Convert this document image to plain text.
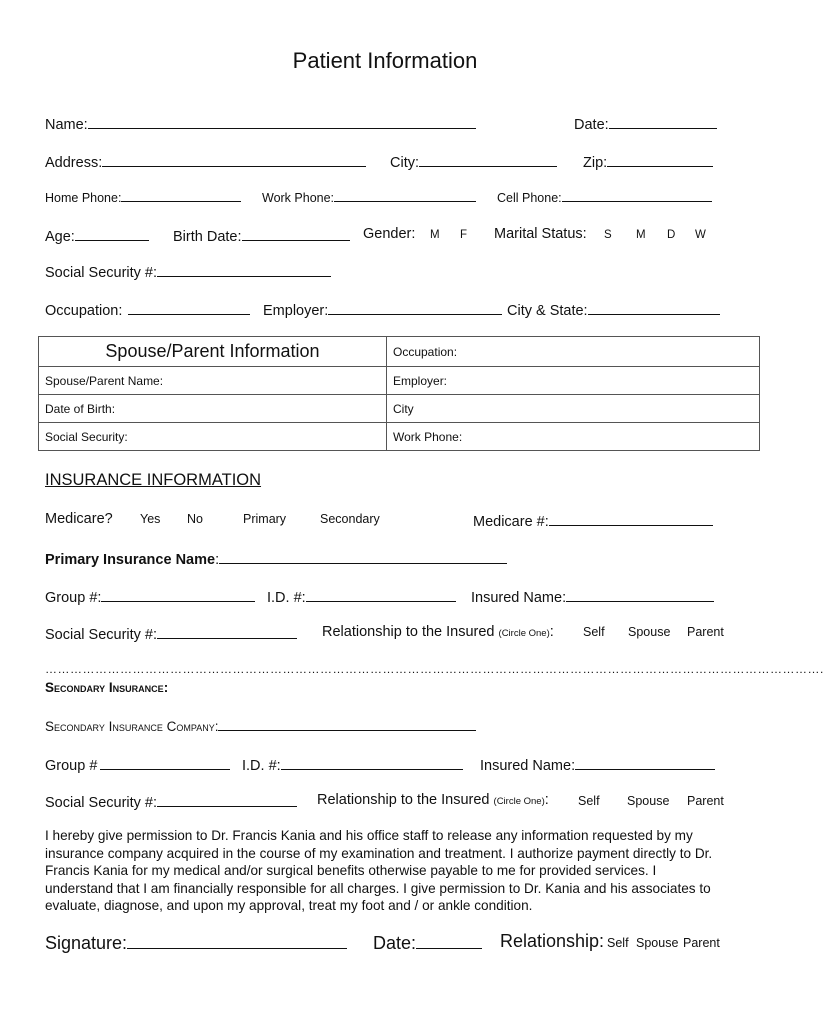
Patient Information
Name:	Date:
Address:	City:	Zip:
Home Phone:	Work Phone:	Cell Phone:
Age:	Birth Date:	Gender: M F Marital Status: S M D W
Social Security #:
Occupation:	Employer:	City & State:
Spouse/Parent Information	Occupation:
Spouse/Parent Name:	Employer:
Date of Birth:	City
Social Security:	Work Phone:
INSURANCE INFORMATION
Medicare? Yes No	Primary	Secondary	Medicare #:
Primary Insurance Name:
Group #:	I.D. #:	Insured Name:
Social Security #:	Relationship to the Insured (Circle One): Self Spouse Parent
…………………………………………………………………………………………………………………………………………………………………….
Secondary Insurance:
Secondary Insurance Company:
Group #	I.D. #:	Insured Name:
Social Security #:	Relationship to the Insured (Circle One): Self Spouse Parent
I hereby give permission to Dr. Francis Kania and his office staff to release any information requested by my insurance company acquired in the course of my examination and treatment. I authorize payment directly to Dr. Francis Kania for my medical and/or surgical benefits otherwise payable to me for provided services. I understand that I am financially responsible for all charges. I give permission to Dr. Kania and his associates to evaluate, diagnose, and upon my approval, treat my foot and / or ankle condition.
Signature:	Date:	Relationship: Self Spouse Parent
